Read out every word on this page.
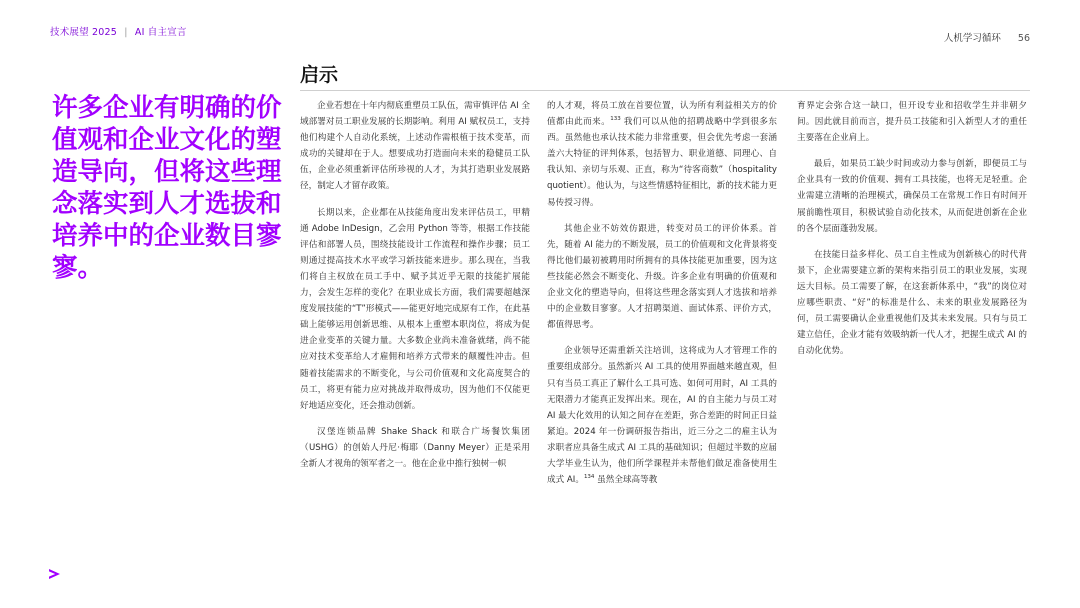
技术展望 2025 | AI 自主宣言
人机学习循环 56
启示
许多企业有明确的价值观和企业文化的塑造导向，但将这些理念落实到人才选拔和培养中的企业数目寥寥。

企业若想在十年内彻底重塑员工队伍，需审慎评估 AI 全域部署对员工职业发展的长期影响。利用 AI 赋权员工，支持他们构建个人自动化系统，上述动作需根植于技术变革，而成功的关键却在于人。想要成功打造面向未来的稳健员工队伍，企业必须重新评估所珍视的人才，为其打造职业发展路径，制定人才留存政策。

长期以来，企业都在从技能角度出发来评估员工，甲精通 Adobe InDesign，乙会用 Python 等等，根据工作技能评估和部署人员，围绕技能设计工作流程和操作步骤；员工则通过提高技术水平或学习新技能来进步。那么现在，当我们将自主权放在员工手中、赋予其近乎无限的技能扩展能力，会发生怎样的变化？在职业成长方面，我们需要超越深度发展技能的“T”形模式——能更好地完成原有工作，在此基础上能够运用创新思维、从根本上重塑本职岗位，将成为促进企业变革的关键力量。大多数企业尚未准备就绪，尚不能应对技术变革给人才雇佣和培养方式带来的颠覆性冲击。但随着技能需求的不断变化，与公司价值观和文化高度契合的员工，将更有能力应对挑战并取得成功，因为他们不仅能更好地适应变化，还会推动创新。

汉堡连锁品牌 Shake Shack 和联合广场餐饮集团（USHG）的创始人丹尼·梅耶（Danny Meyer）正是采用全新人才视角的领军者之一。他在企业中推行独树一帜

的人才观，将员工放在首要位置，认为所有利益相关方的价值都由此而来。$^{133}$ 我们可以从他的招聘战略中学到很多东西。虽然他也承认技术能力非常重要，但会优先考虑一套涵盖六大特征的评判体系，包括智力、职业道德、同理心、自我认知、亲切与乐观、正直，称为“待客商数”（hospitality quotient）。他认为，与这些情感特征相比，新的技术能力更易传授习得。

其他企业不妨效仿跟进，转变对员工的评价体系。首先，随着 AI 能力的不断发展，员工的价值观和文化背景将变得比他们最初被聘用时所拥有的具体技能更加重要，因为这些技能必然会不断变化、升级。许多企业有明确的价值观和企业文化的塑造导向，但将这些理念落实到人才选拔和培养中的企业数目寥寥。人才招聘渠道、面试体系、评价方式，都值得思考。

企业领导还需重新关注培训，这将成为人才管理工作的重要组成部分。虽然新兴 AI 工具的使用界面越来越直观，但只有当员工真正了解什么工具可选、如何可用时，AI 工具的无限潜力才能真正发挥出来。现在，AI 的自主能力与员工对 AI 最大化效用的认知之间存在差距，弥合差距的时间正日益紧迫。2024 年一份调研报告指出，近三分之二的雇主认为求职者应具备生成式 AI 工具的基础知识；但超过半数的应届大学毕业生认为，他们所学课程并未帮他们做足准备使用生成式 AI。$^{134}$ 虽然全球高等教

育界定会弥合这一缺口，但开设专业和招收学生并非朝夕间。因此就目前而言，提升员工技能和引入新型人才的重任主要落在企业肩上。

最后，如果员工缺少时间或动力参与创新，即便员工与企业具有一致的价值观、拥有工具技能，也将无足轻重。企业需建立清晰的治理模式，确保员工在常规工作日有时间开展前瞻性项目，积极试验自动化技术，从而促进创新在企业的各个层面蓬勃发展。

在技能日益多样化、员工自主性成为创新核心的时代背景下，企业需要建立新的架构来指引员工的职业发展，实现远大目标。员工需要了解，在这套新体系中，“我”的岗位对应哪些职责、“好”的标准是什么、未来的职业发展路径为何，员工需要确认企业重视他们及其未来发展。只有与员工建立信任，企业才能有效吸纳新一代人才，把握生成式 AI 的自动化优势。
